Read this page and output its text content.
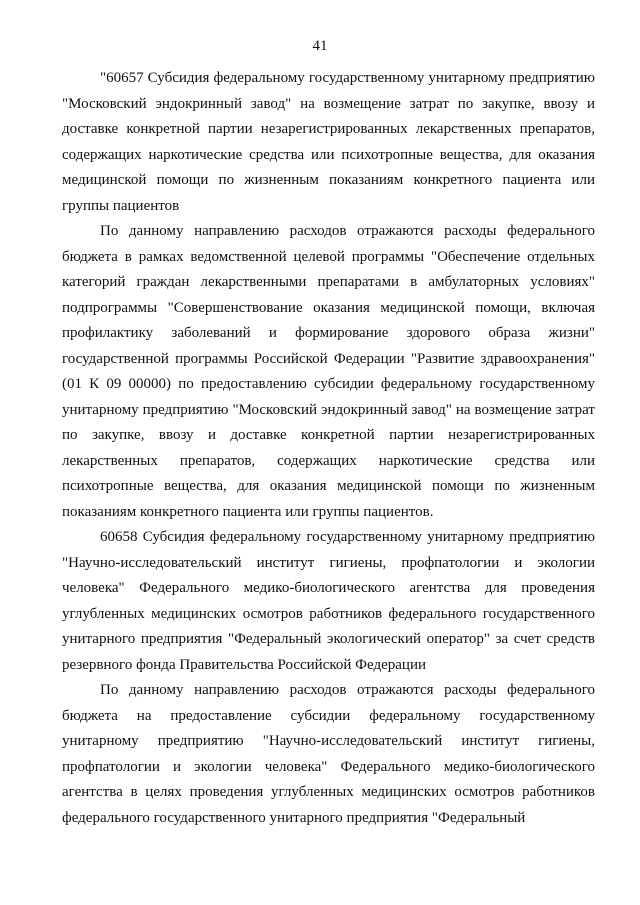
41

"60657 Субсидия федеральному государственному унитарному предприятию "Московский эндокринный завод" на возмещение затрат по закупке, ввозу и доставке конкретной партии незарегистрированных лекарственных препаратов, содержащих наркотические средства или психотропные вещества, для оказания медицинской помощи по жизненным показаниям конкретного пациента или группы пациентов

По данному направлению расходов отражаются расходы федерального бюджета в рамках ведомственной целевой программы "Обеспечение отдельных категорий граждан лекарственными препаратами в амбулаторных условиях" подпрограммы "Совершенствование оказания медицинской помощи, включая профилактику заболеваний и формирование здорового образа жизни" государственной программы Российской Федерации "Развитие здравоохранения" (01 К 09 00000) по предоставлению субсидии федеральному государственному унитарному предприятию "Московский эндокринный завод" на возмещение затрат по закупке, ввозу и доставке конкретной партии незарегистрированных лекарственных препаратов, содержащих наркотические средства или психотропные вещества, для оказания медицинской помощи по жизненным показаниям конкретного пациента или группы пациентов.

60658 Субсидия федеральному государственному унитарному предприятию "Научно-исследовательский институт гигиены, профпатологии и экологии человека" Федерального медико-биологического агентства для проведения углубленных медицинских осмотров работников федерального государственного унитарного предприятия "Федеральный экологический оператор" за счет средств резервного фонда Правительства Российской Федерации

По данному направлению расходов отражаются расходы федерального бюджета на предоставление субсидии федеральному государственному унитарному предприятию "Научно-исследовательский институт гигиены, профпатологии и экологии человека" Федерального медико-биологического агентства в целях проведения углубленных медицинских осмотров работников федерального государственного унитарного предприятия "Федеральный
